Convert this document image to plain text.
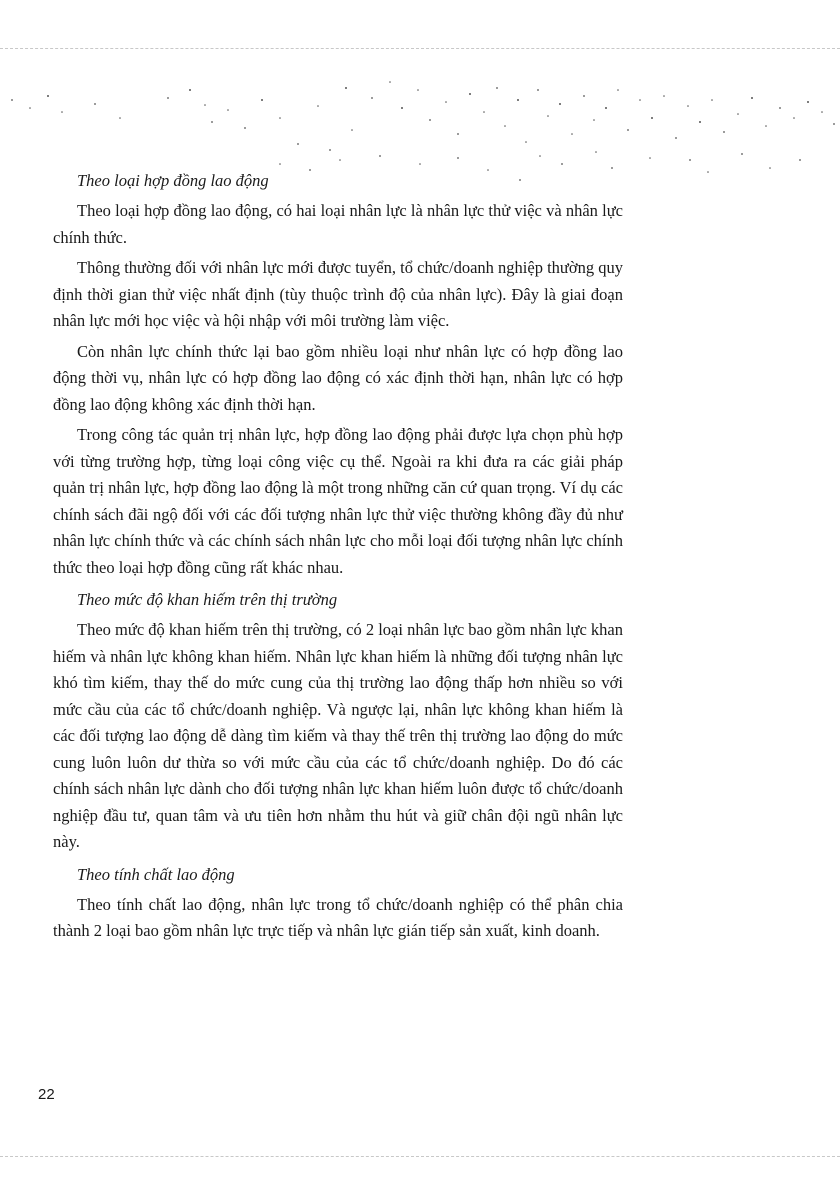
Theo loại hợp đồng lao động

Theo loại hợp đồng lao động, có hai loại nhân lực là nhân lực thử việc và nhân lực chính thức.

Thông thường đối với nhân lực mới được tuyển, tổ chức/doanh nghiệp thường quy định thời gian thử việc nhất định (tùy thuộc trình độ của nhân lực). Đây là giai đoạn nhân lực mới học việc và hội nhập với môi trường làm việc.

Còn nhân lực chính thức lại bao gồm nhiều loại như nhân lực có hợp đồng lao động thời vụ, nhân lực có hợp đồng lao động có xác định thời hạn, nhân lực có hợp đồng lao động không xác định thời hạn.

Trong công tác quản trị nhân lực, hợp đồng lao động phải được lựa chọn phù hợp với từng trường hợp, từng loại công việc cụ thể. Ngoài ra khi đưa ra các giải pháp quản trị nhân lực, hợp đồng lao động là một trong những căn cứ quan trọng. Ví dụ các chính sách đãi ngộ đối với các đối tượng nhân lực thử việc thường không đầy đủ như nhân lực chính thức và các chính sách nhân lực cho mỗi loại đối tượng nhân lực chính thức theo loại hợp đồng cũng rất khác nhau.

Theo mức độ khan hiếm trên thị trường

Theo mức độ khan hiếm trên thị trường, có 2 loại nhân lực bao gồm nhân lực khan hiếm và nhân lực không khan hiếm. Nhân lực khan hiếm là những đối tượng nhân lực khó tìm kiếm, thay thế do mức cung của thị trường lao động thấp hơn nhiều so với mức cầu của các tổ chức/doanh nghiệp. Và ngược lại, nhân lực không khan hiếm là các đối tượng lao động dễ dàng tìm kiếm và thay thế trên thị trường lao động do mức cung luôn luôn dư thừa so với mức cầu của các tổ chức/doanh nghiệp. Do đó các chính sách nhân lực dành cho đối tượng nhân lực khan hiếm luôn được tổ chức/doanh nghiệp đầu tư, quan tâm và ưu tiên hơn nhằm thu hút và giữ chân đội ngũ nhân lực này.

Theo tính chất lao động

Theo tính chất lao động, nhân lực trong tổ chức/doanh nghiệp có thể phân chia thành 2 loại bao gồm nhân lực trực tiếp và nhân lực gián tiếp sản xuất, kinh doanh.

22
